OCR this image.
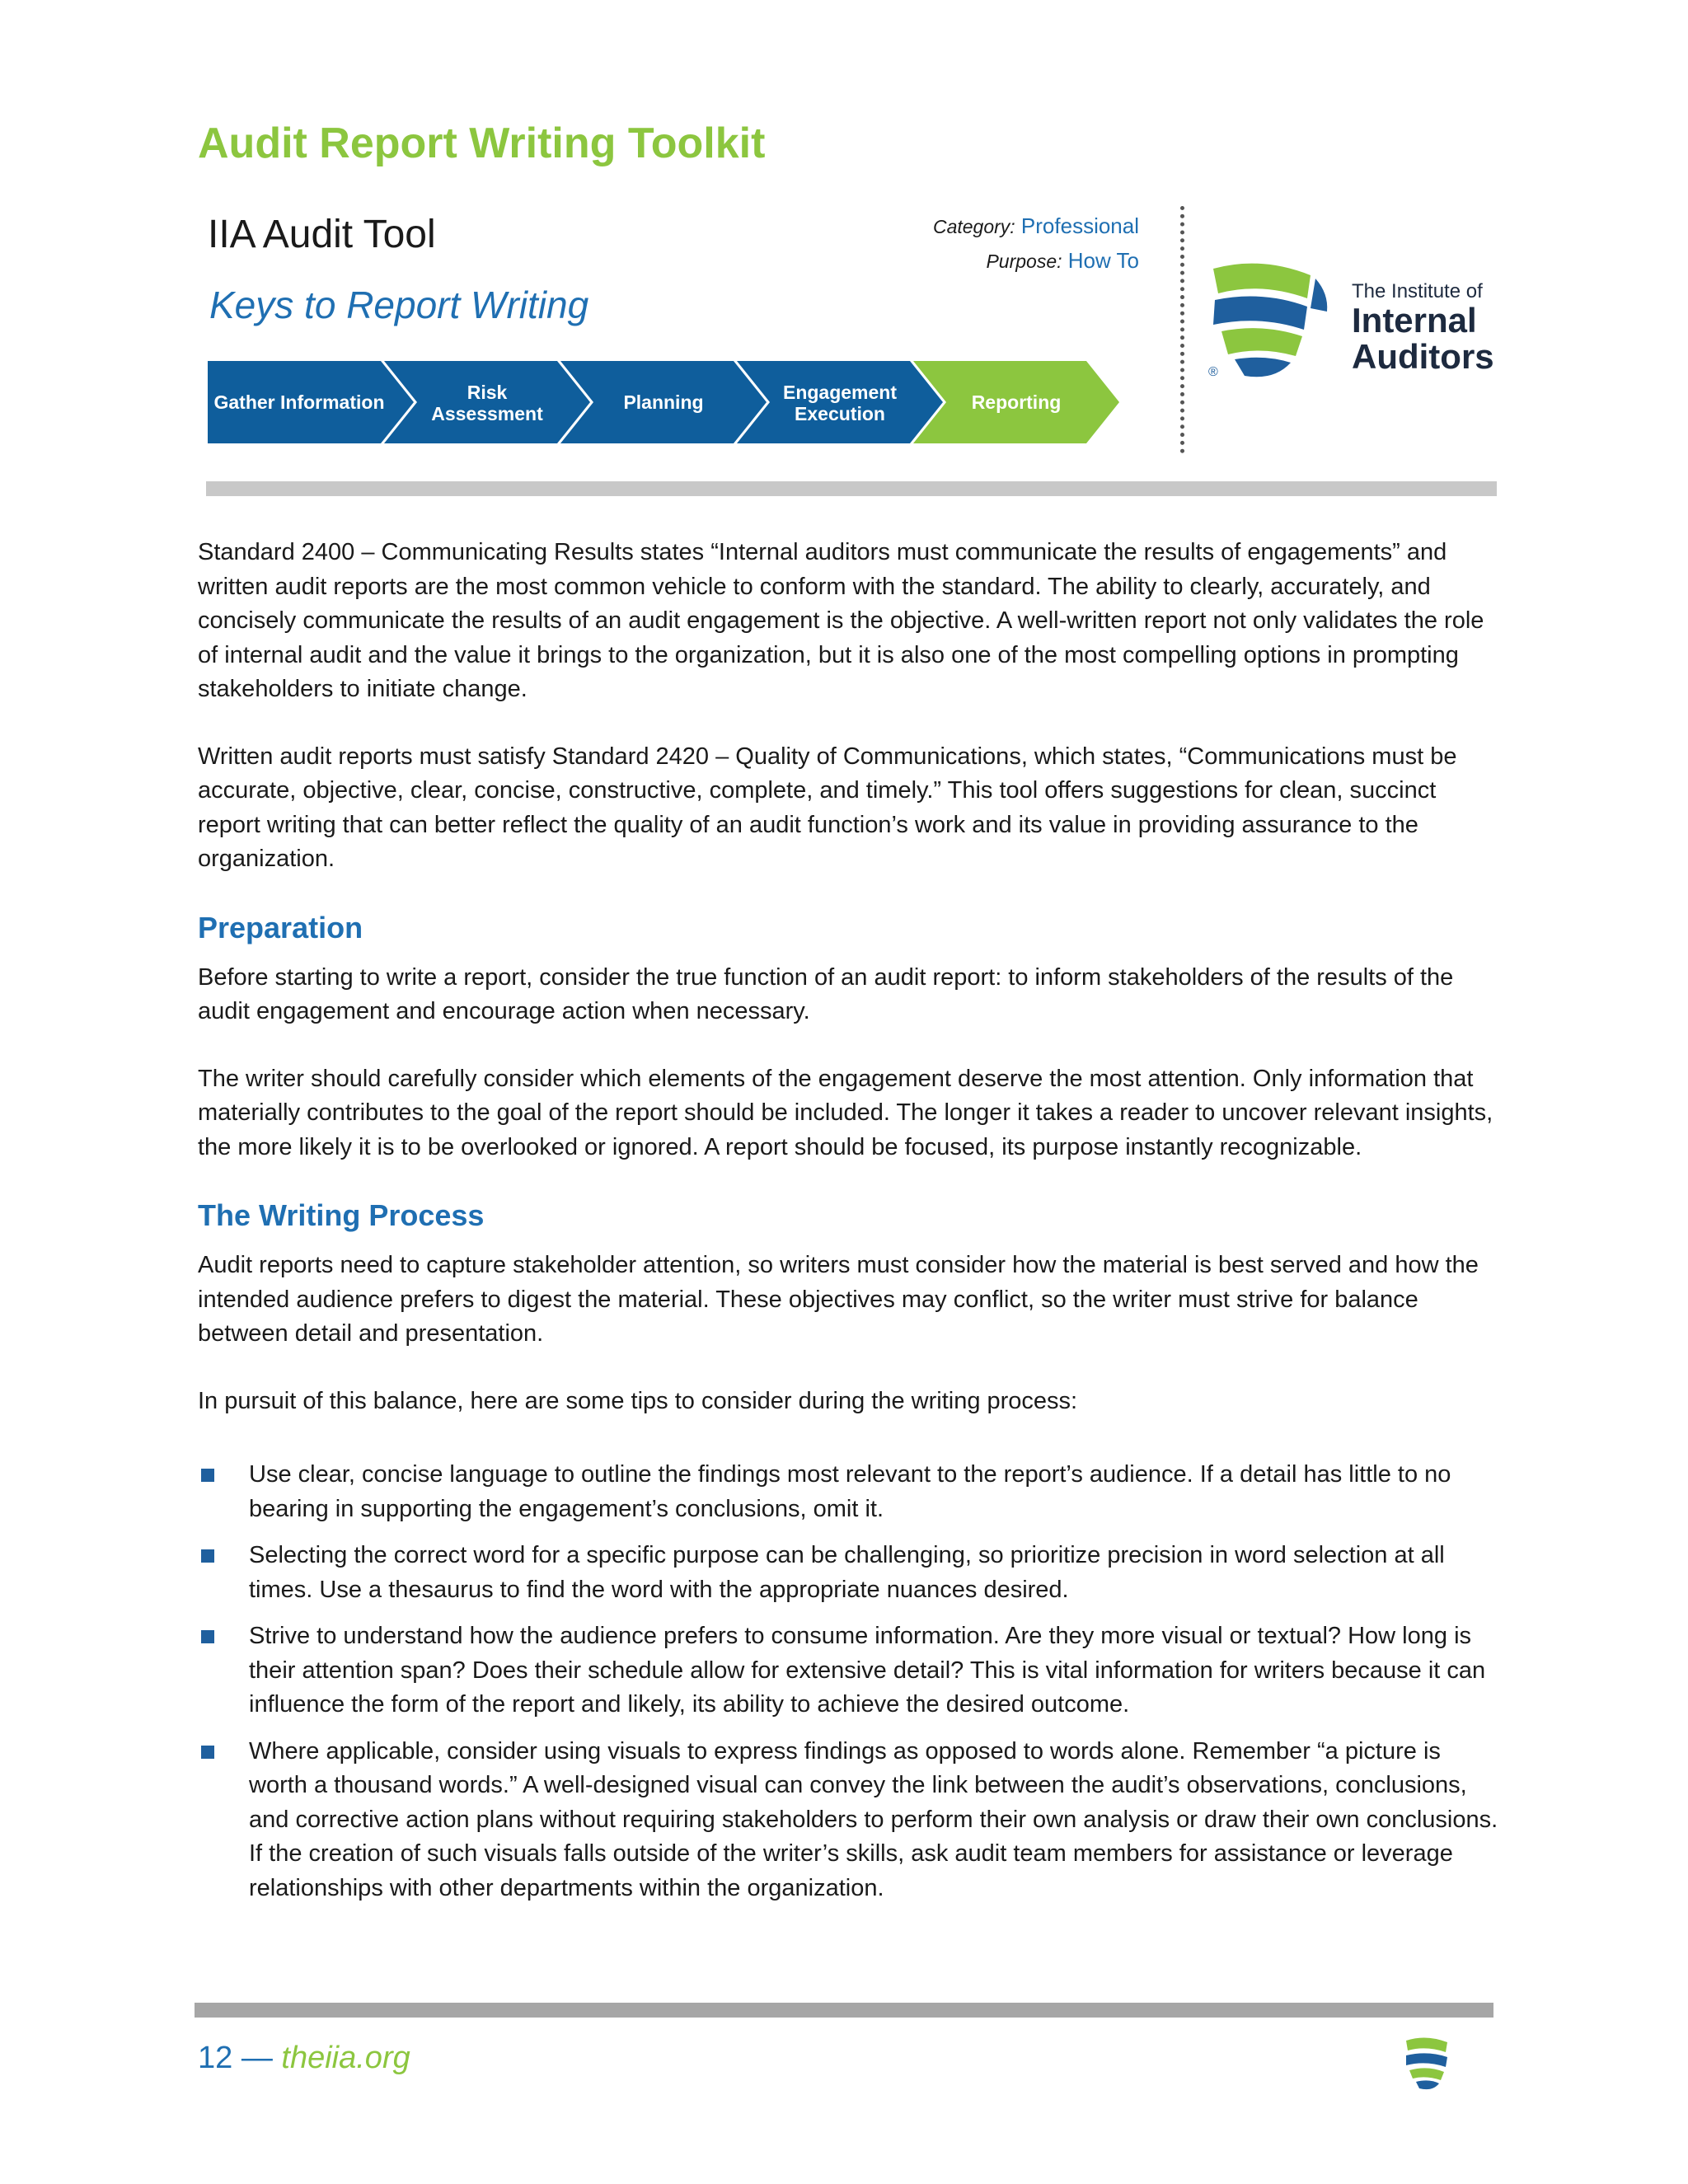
Audit Report Writing Toolkit
IIA Audit Tool
Keys to Report Writing
Category: Professional
Purpose: How To
Gather Information	Risk
Assessment
Planning	Engagement
Execution
Reporting
®
The Institute of
Internal
Auditors

Standard 2400 – Communicating Results states “Internal auditors must communicate the results of engagements” and written audit reports are the most common vehicle to conform with the standard. The ability to clearly, accurately, and concisely communicate the results of an audit engagement is the objective. A well-written report not only validates the role of internal audit and the value it brings to the organization, but it is also one of the most compelling options in prompting stakeholders to initiate change.

Written audit reports must satisfy Standard 2420 – Quality of Communications, which states, “Communications must be accurate, objective, clear, concise, constructive, complete, and timely.” This tool offers suggestions for clean, succinct report writing that can better reflect the quality of an audit function’s work and its value in providing assurance to the organization.

Preparation

Before starting to write a report, consider the true function of an audit report: to inform stakeholders of the results of the audit engagement and encourage action when necessary.

The writer should carefully consider which elements of the engagement deserve the most attention. Only information that materially contributes to the goal of the report should be included. The longer it takes a reader to uncover relevant insights, the more likely it is to be overlooked or ignored. A report should be focused, its purpose instantly recognizable.

The Writing Process

Audit reports need to capture stakeholder attention, so writers must consider how the material is best served and how the intended audience prefers to digest the material. These objectives may conflict, so the writer must strive for balance between detail and presentation.

In pursuit of this balance, here are some tips to consider during the writing process:

Use clear, concise language to outline the findings most relevant to the report’s audience. If a detail has little to no bearing in supporting the engagement’s conclusions, omit it.
Selecting the correct word for a specific purpose can be challenging, so prioritize precision in word selection at all times. Use a thesaurus to find the word with the appropriate nuances desired.
Strive to understand how the audience prefers to consume information. Are they more visual or textual? How long is their attention span? Does their schedule allow for extensive detail? This is vital information for writers because it can influence the form of the report and likely, its ability to achieve the desired outcome.
Where applicable, consider using visuals to express findings as opposed to words alone. Remember “a picture is worth a thousand words.” A well-designed visual can convey the link between the audit’s observations, conclusions, and corrective action plans without requiring stakeholders to perform their own analysis or draw their own conclusions. If the creation of such visuals falls outside of the writer’s skills, ask audit team members for assistance or leverage relationships with other departments within the organization.
12 — theiia.org
